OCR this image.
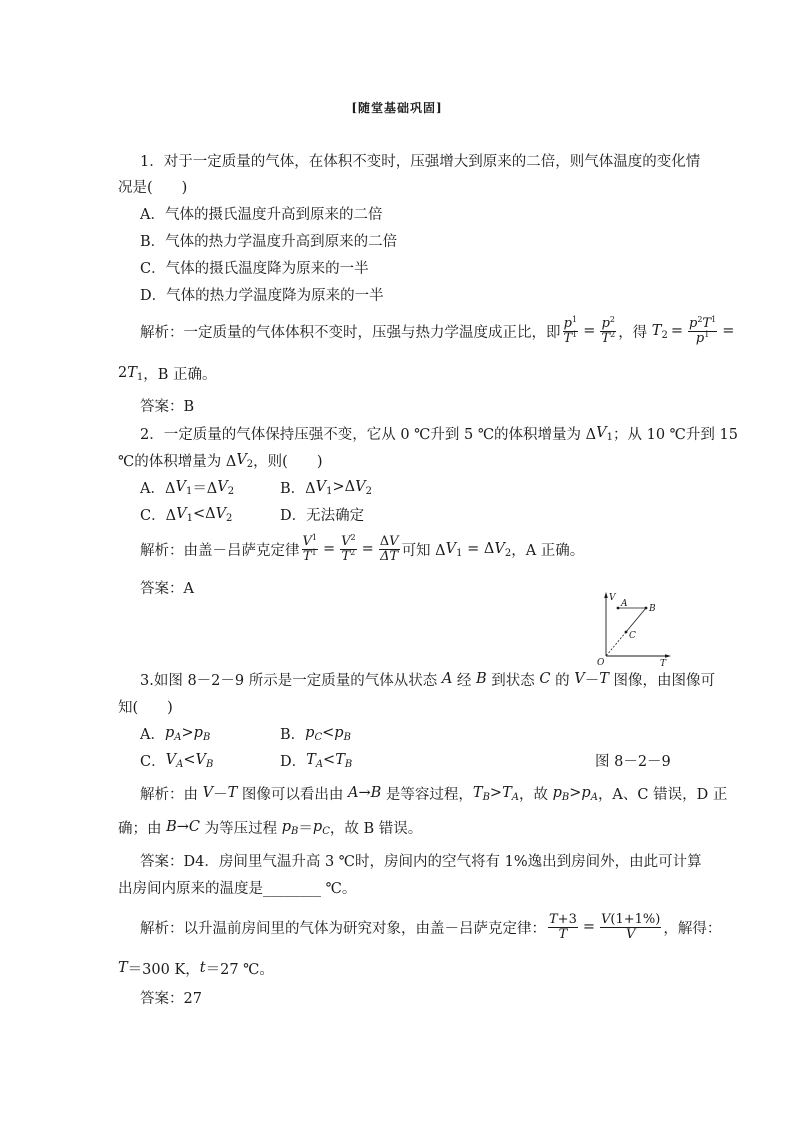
[随堂基础巩固]
1．对于一定质量的气体，在体积不变时，压强增大到原来的二倍，则气体温度的变化情
况是(　　)
A．气体的摄氏温度升高到原来的二倍
B．气体的热力学温度升高到原来的二倍
C．气体的摄氏温度降为原来的一半
D．气体的热力学温度降为原来的一半
解析：一定质量的气体体积不变时，压强与热力学温度成正比，即 $\frac{p 1}{T 1} = \frac{p 2}{T 2}$ ，得 T $2 = \frac{p 2 T 1}{p 1}$ =
2 T 1 ，B 正确。
答案：B
2．一定质量的气体保持压强不变，它从 0 ℃升到 5 ℃的体积增量为 Δ V 1 ；从 10 ℃升到 15
℃的体积增量为 Δ V 2 ，则(　　)
A．Δ V 1 ＝Δ V 2	B．Δ V 1 >Δ V 2
C．Δ V 1 <Δ V 2	D．无法确定
解析：由盖－吕萨克定律 $\frac{V 1}{T 1} = \frac{V 2}{T 2} = \frac{\text{Δ V}}{\text{Δ T}}$ 可知 Δ V 1 = Δ V 2 ，A 正确。
答案：A
V
T
O
A B
C
3.如图 8－2－9 所示是一定质量的气体从状态 A 经 B 到状态 C 的 V － T 图像，由图像可
知(　　)
A． p A > p B	B． p C < p B
C． V A < V B	D． T A < T B	图 8－2－9
解析：由 V － T 图像可以看出由 A → B 是等容过程， T B > T A ，故 p B > p A ，A、C 错误，D 正
确；由 B → C 为等压过程 p B ＝ p C ，故 B 错误。
答案：D4．房间里气温升高 3 ℃时，房间内的空气将有 1%逸出到房间外，由此可计算
出房间内原来的温度是________ ℃。
解析：以升温前房间里的气体为研究对象，由盖－吕萨克定律： $\frac{T +3}{T} = \frac{V (1+1\%)}{V}$ ，解得：
T ＝300 K， t ＝27 ℃。
答案：27
